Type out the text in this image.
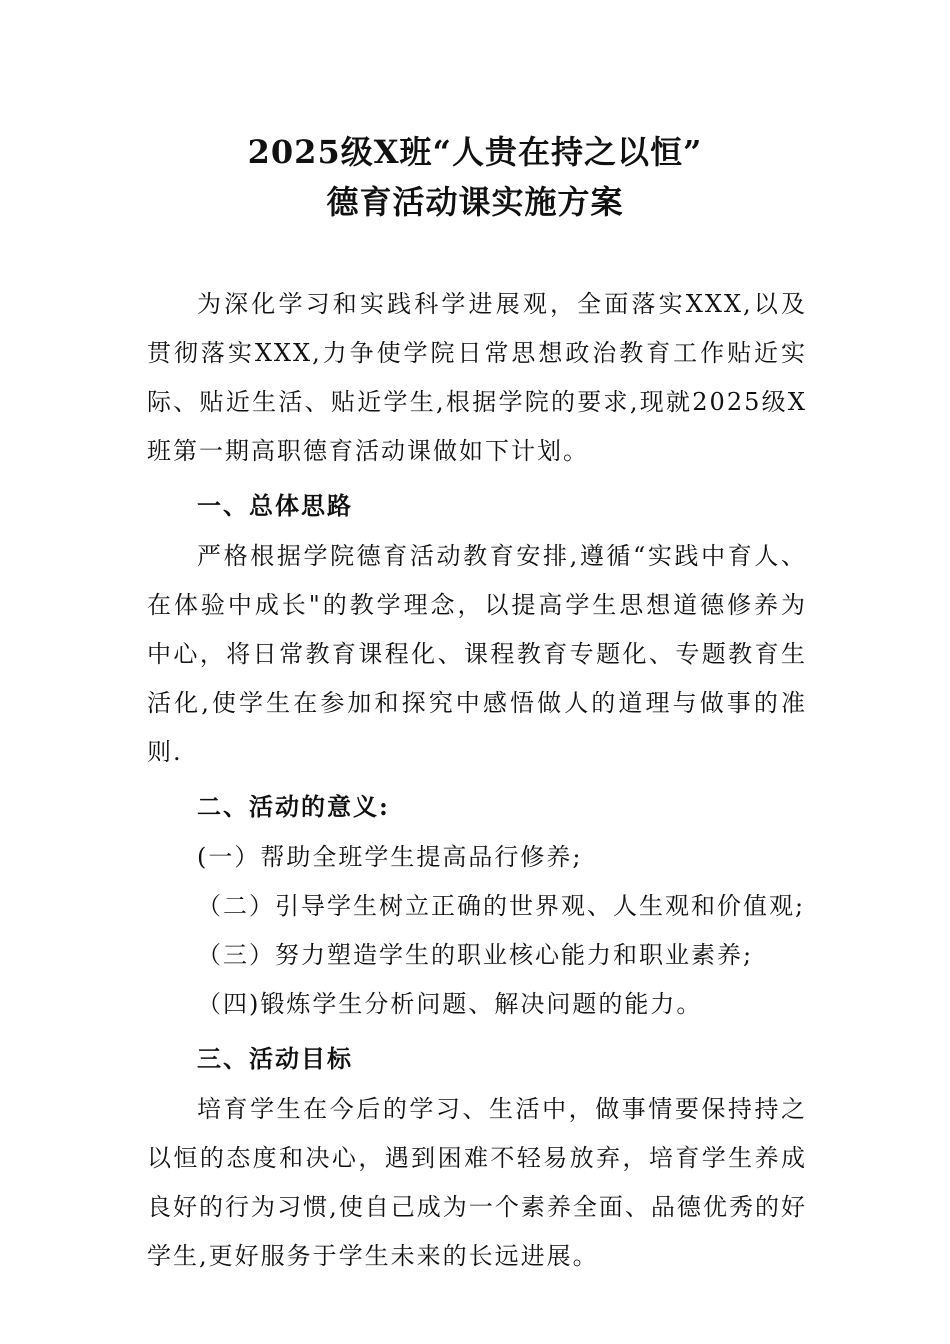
2025级X班“人贵在持之以恒”
德育活动课实施方案

为深化学习和实践科学进展观，全面落实XXX,以及贯彻落实XXX,力争使学院日常思想政治教育工作贴近实际、贴近生活、贴近学生,根据学院的要求,现就2025级X班第一期高职德育活动课做如下计划。

一、总体思路

严格根据学院德育活动教育安排,遵循“实践中育人、在体验中成长"的教学理念，以提高学生思想道德修养为中心，将日常教育课程化、课程教育专题化、专题教育生活化,使学生在参加和探究中感悟做人的道理与做事的准则.

二、活动的意义:

(一）帮助全班学生提高品行修养;

（二）引导学生树立正确的世界观、人生观和价值观;

（三）努力塑造学生的职业核心能力和职业素养;

（四)锻炼学生分析问题、解决问题的能力。

三、活动目标

培育学生在今后的学习、生活中，做事情要保持持之以恒的态度和决心，遇到困难不轻易放弃，培育学生养成良好的行为习惯,使自己成为一个素养全面、品德优秀的好学生,更好服务于学生未来的长远进展。
